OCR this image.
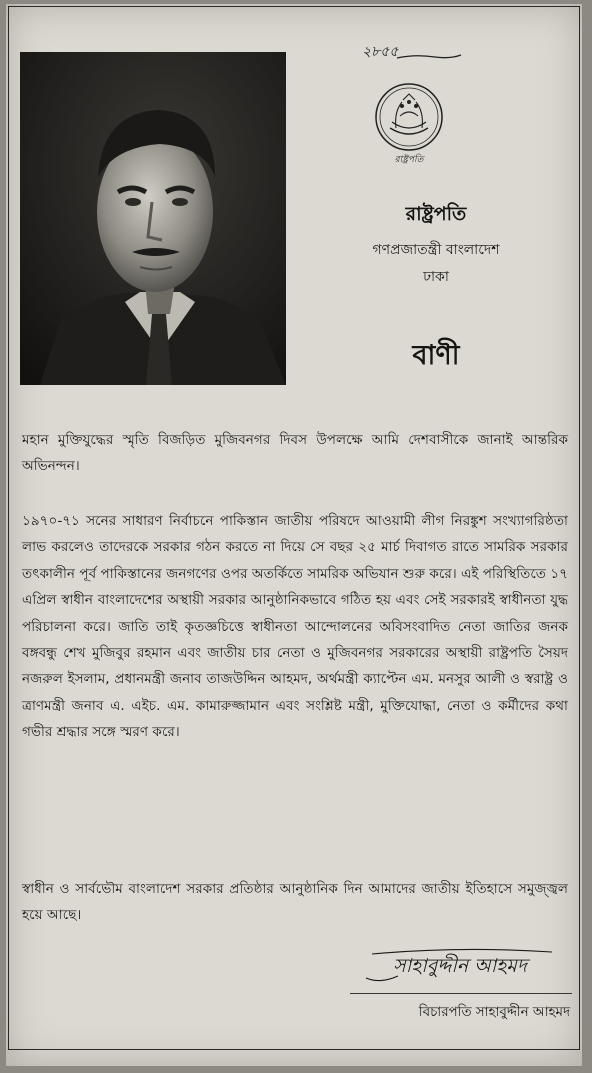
২৮৫৫
রাষ্ট্রপতি
রাষ্ট্রপতি
গণপ্রজাতন্ত্রী বাংলাদেশ
ঢাকা
বাণী

মহান মুক্তিযুদ্ধের স্মৃতি বিজড়িত মুজিবনগর দিবস উপলক্ষে আমি দেশবাসীকে জানাই আন্তরিক অভিনন্দন।

১৯৭০-৭১ সনের সাধারণ নির্বাচনে পাকিস্তান জাতীয় পরিষদে আওয়ামী লীগ নিরঙ্কুশ সংখ্যাগরিষ্ঠতা লাভ করলেও তাদেরকে সরকার গঠন করতে না দিয়ে সে বছর ২৫ মার্চ দিবাগত রাতে সামরিক সরকার তৎকালীন পূর্ব পাকিস্তানের জনগণের ওপর অতর্কিতে সামরিক অভিযান শুরু করে। এই পরিস্থিতিতে ১৭ এপ্রিল স্বাধীন বাংলাদেশের অস্থায়ী সরকার আনুষ্ঠানিকভাবে গঠিত হয় এবং সেই সরকারই স্বাধীনতা যুদ্ধ পরিচালনা করে। জাতি তাই কৃতজ্ঞচিত্তে স্বাধীনতা আন্দোলনের অবিসংবাদিত নেতা জাতির জনক বঙ্গবন্ধু শেখ মুজিবুর রহমান এবং জাতীয় চার নেতা ও মুজিবনগর সরকারের অস্থায়ী রাষ্ট্রপতি সৈয়দ নজরুল ইসলাম, প্রধানমন্ত্রী জনাব তাজউদ্দিন আহমদ, অর্থমন্ত্রী ক্যাপ্টেন এম. মনসুর আলী ও স্বরাষ্ট্র ও ত্রাণমন্ত্রী জনাব এ. এইচ. এম. কামারুজ্জামান এবং সংশ্লিষ্ট মন্ত্রী, মুক্তিযোদ্ধা, নেতা ও কর্মীদের কথা গভীর শ্রদ্ধার সঙ্গে স্মরণ করে।

স্বাধীন ও সার্বভৌম বাংলাদেশ সরকার প্রতিষ্ঠার আনুষ্ঠানিক দিন আমাদের জাতীয় ইতিহাসে সমুজ্জ্বল হয়ে আছে।

সাহাবুদ্দীন আহমদ
বিচারপতি সাহাবুদ্দীন আহমদ
